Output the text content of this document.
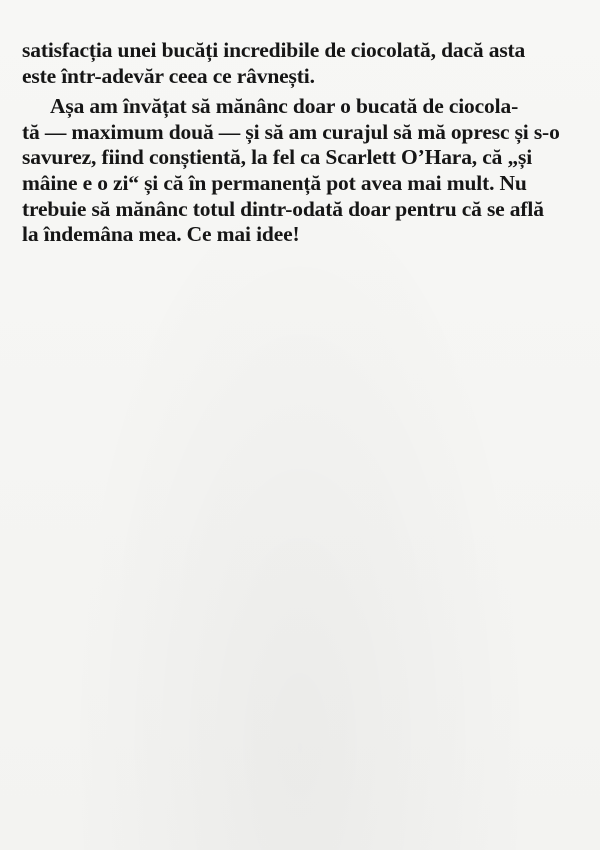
satisfacția unei bucăți incredibile de ciocolată, dacă asta
este într-adevăr ceea ce râvnești.
Așa am învățat să mănânc doar o bucată de ciocola-
tă — maximum două — și să am curajul să mă opresc și s-o
savurez, fiind conștientă, la fel ca Scarlett O’Hara, că „și
mâine e o zi“ și că în permanență pot avea mai mult. Nu
trebuie să mănânc totul dintr-odată doar pentru că se află
la îndemâna mea. Ce mai idee!
